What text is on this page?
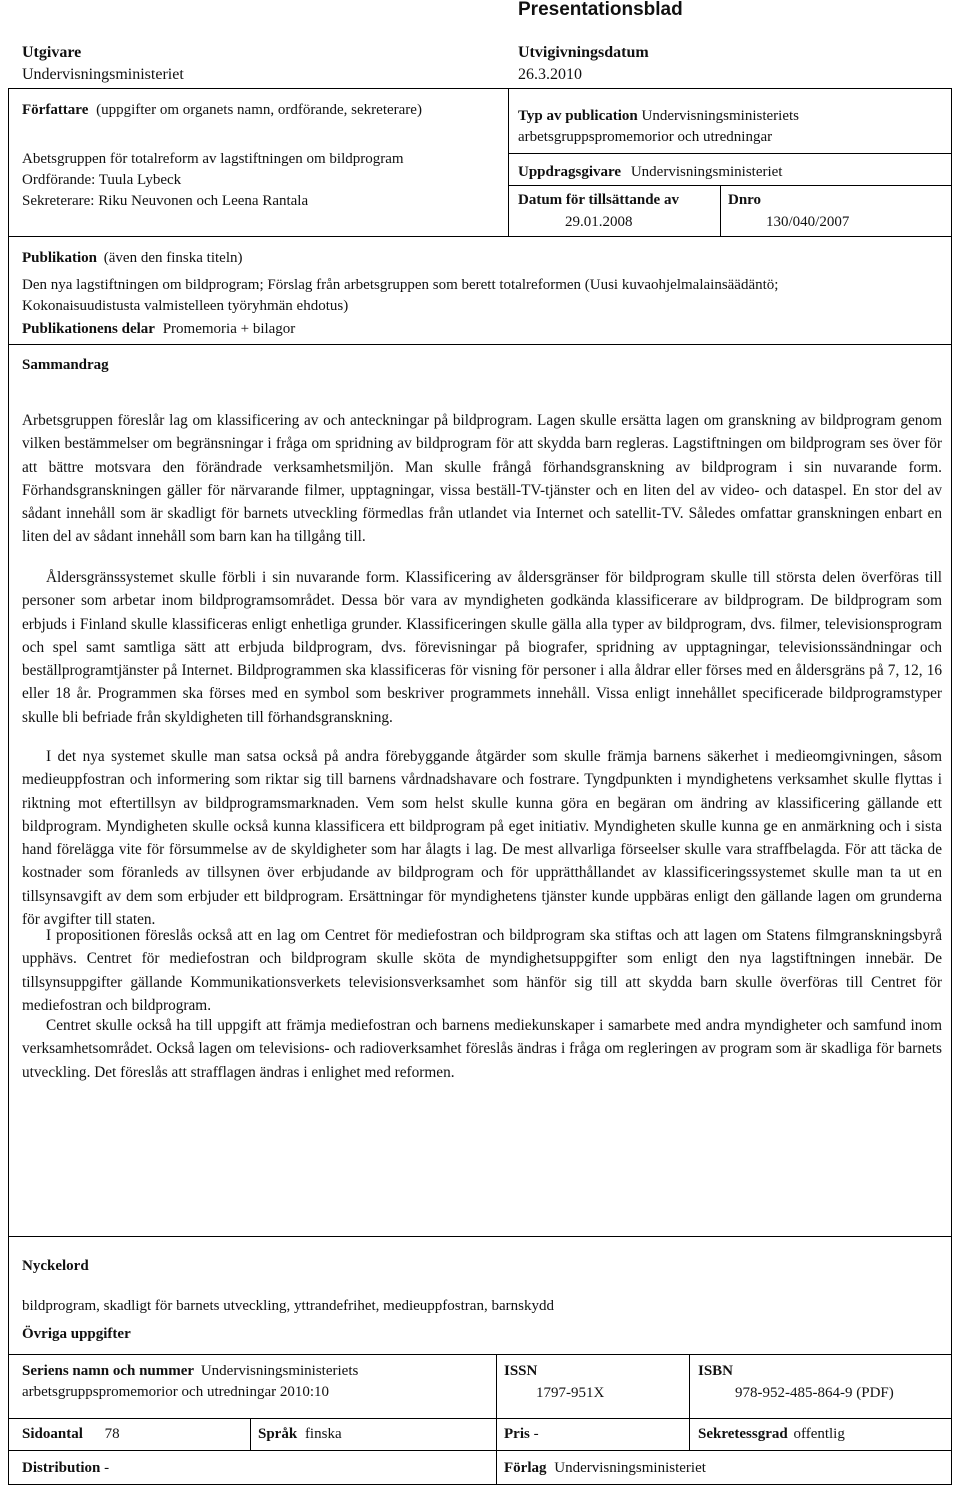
Presentationsblad
Utgivare
Undervisningsministeriet
Utvigivningsdatum
26.3.2010
Författare (uppgifter om organets namn, ordförande, sekreterare)
Abetsgruppen för totalreform av lagstiftningen om bildprogram
Ordförande: Tuula Lybeck
Sekreterare: Riku Neuvonen och Leena Rantala
Typ av publication Undervisningsministeriets
arbetsgruppspromemorior och utredningar
Uppdragsgivare Undervisningsministeriet
Datum för tillsättande av
29.01.2008
Dnro
130/040/2007
Publikation (även den finska titeln)
Den nya lagstiftningen om bildprogram; Förslag från arbetsgruppen som berett totalreformen (Uusi kuvaohjelmalainsäädäntö;
Kokonaisuudistusta valmistelleen työryhmän ehdotus)
Publikationens delar Promemoria + bilagor
Sammandrag

Arbetsgruppen föreslår lag om klassificering av och anteckningar på bildprogram. Lagen skulle ersätta lagen om granskning av bildprogram genom vilken bestämmelser om begränsningar i fråga om spridning av bildprogram för att skydda barn regleras. Lagstiftningen om bildprogram ses över för att bättre motsvara den förändrade verksamhetsmiljön. Man skulle frångå förhandsgranskning av bildprogram i sin nuvarande form. Förhandsgranskningen gäller för närvarande filmer, upptagningar, vissa beställ-TV-tjänster och en liten del av video- och dataspel. En stor del av sådant innehåll som är skadligt för barnets utveckling förmedlas från utlandet via Internet och satellit-TV. Således omfattar granskningen enbart en liten del av sådant innehåll som barn kan ha tillgång till.

Åldersgränssystemet skulle förbli i sin nuvarande form. Klassificering av åldersgränser för bildprogram skulle till största delen överföras till personer som arbetar inom bildprogramsområdet. Dessa bör vara av myndigheten godkända klassificerare av bildprogram. De bildprogram som erbjuds i Finland skulle klassificeras enligt enhetliga grunder. Klassificeringen skulle gälla alla typer av bildprogram, dvs. filmer, televisionsprogram och spel samt samtliga sätt att erbjuda bildprogram, dvs. förevisningar på biografer, spridning av upptagningar, televisionssändningar och beställprogramtjänster på Internet. Bildprogrammen ska klassificeras för visning för personer i alla åldrar eller förses med en åldersgräns på 7, 12, 16 eller 18 år. Programmen ska förses med en symbol som beskriver programmets innehåll. Vissa enligt innehållet specificerade bildprogramstyper skulle bli befriade från skyldigheten till förhandsgranskning.

I det nya systemet skulle man satsa också på andra förebyggande åtgärder som skulle främja barnens säkerhet i medieomgivningen, såsom medieuppfostran och informering som riktar sig till barnens vårdnadshavare och fostrare. Tyngdpunkten i myndighetens verksamhet skulle flyttas i riktning mot eftertillsyn av bildprogramsmarknaden. Vem som helst skulle kunna göra en begäran om ändring av klassificering gällande ett bildprogram. Myndigheten skulle också kunna klassificera ett bildprogram på eget initiativ. Myndigheten skulle kunna ge en anmärkning och i sista hand förelägga vite för försummelse av de skyldigheter som har ålagts i lag. De mest allvarliga förseelser skulle vara straffbelagda. För att täcka de kostnader som föranleds av tillsynen över erbjudande av bildprogram och för upprätthållandet av klassificeringssystemet skulle man ta ut en tillsynsavgift av dem som erbjuder ett bildprogram. Ersättningar för myndighetens tjänster kunde uppbäras enligt den gällande lagen om grunderna för avgifter till staten.

I propositionen föreslås också att en lag om Centret för mediefostran och bildprogram ska stiftas och att lagen om Statens filmgranskningsbyrå upphävs. Centret för mediefostran och bildprogram skulle sköta de myndighetsuppgifter som enligt den nya lagstiftningen innebär. De tillsynsuppgifter gällande Kommunikationsverkets televisionsverksamhet som hänför sig till att skydda barn skulle överföras till Centret för mediefostran och bildprogram.

Centret skulle också ha till uppgift att främja mediefostran och barnens mediekunskaper i samarbete med andra myndigheter och samfund inom verksamhetsområdet. Också lagen om televisions- och radioverksamhet föreslås ändras i fråga om regleringen av program som är skadliga för barnets utveckling. Det föreslås att strafflagen ändras i enlighet med reformen.

Nyckelord
bildprogram, skadligt för barnets utveckling, yttrandefrihet, medieuppfostran, barnskydd
Övriga uppgifter
Seriens namn och nummer Undervisningsministeriets
arbetsgruppspromemorior och utredningar 2010:10
ISSN
1797-951X
ISBN
978-952-485-864-9 (PDF)
Sidoantal 78	Språk finska	Pris -	Sekretessgrad offentlig
Distribution -	Förlag Undervisningsministeriet
